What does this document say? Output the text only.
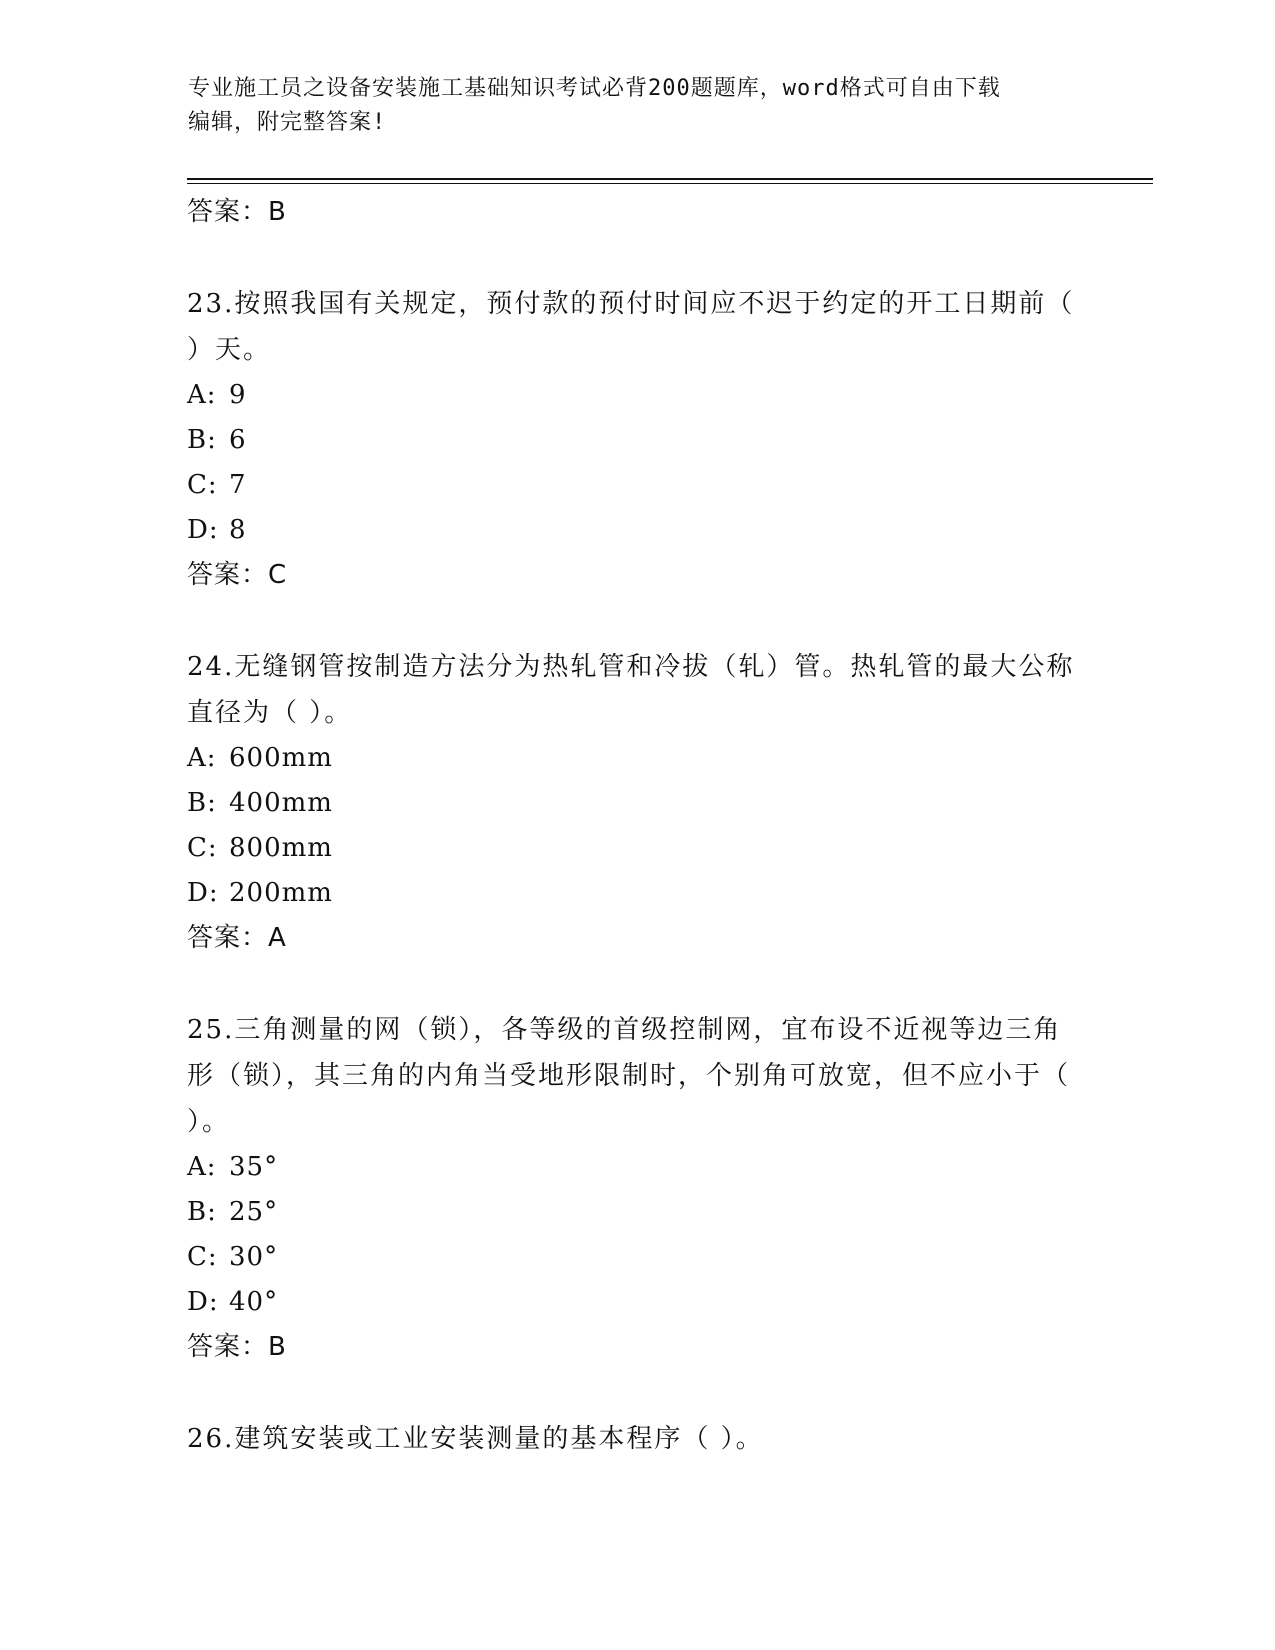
专业施工员之设备安装施工基础知识考试必背200题题库，word格式可自由下载
编辑，附完整答案!
答案：B
23.按照我国有关规定，预付款的预付时间应不迟于约定的开工日期前（ ）天。
A: 9
B: 6
C: 7
D: 8
答案：C
24.无缝钢管按制造方法分为热轧管和冷拔（轧）管。热轧管的最大公称直径为（ ）。
A: 600mm
B: 400mm
C: 800mm
D: 200mm
答案：A
25.三角测量的网（锁），各等级的首级控制网，宜布设不近视等边三角形（锁），其三角的内角当受地形限制时，个别角可放宽，但不应小于（ ）。
A: 35°
B: 25°
C: 30°
D: 40°
答案：B
26.建筑安装或工业安装测量的基本程序（ ）。
